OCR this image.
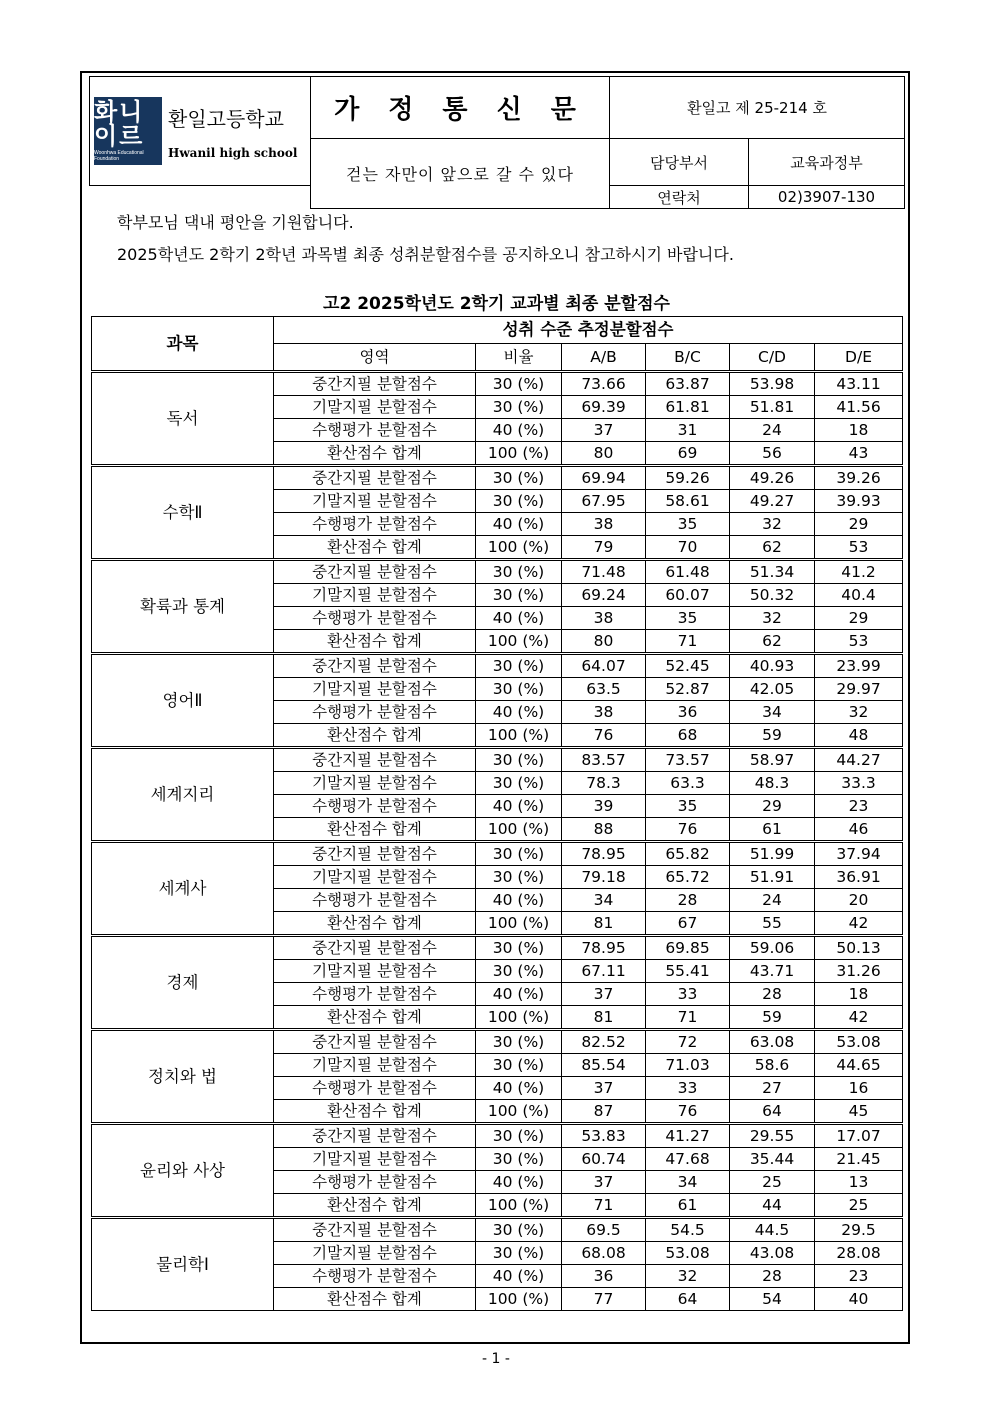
화니이르
Woonhwa Educational Foundation
환일고등학교
Hwanil high school	가 정 통 신 문	환일고 제 25-214 호	
	걷는 자만이 앞으로 갈 수 있다	담당부서	교육과정부
		연락처	02)3907-130
학부모님 댁내 평안을 기원합니다.
2025학년도 2학기 2학년 과목별 최종 성취분할점수를 공지하오니 참고하시기 바랍니다.
고2 2025학년도 2학기 교과별 최종 분할점수
과목	성취 수준 추정분할점수					
	영역	비율	A/B	B/C	C/D	D/E
독서	중간지필 분할점수	30 (%)	73.66	63.87	53.98	43.11
	기말지필 분할점수	30 (%)	69.39	61.81	51.81	41.56
	수행평가 분할점수	40 (%)	37	31	24	18
	환산점수 합계	100 (%)	80	69	56	43
수학Ⅱ	중간지필 분할점수	30 (%)	69.94	59.26	49.26	39.26
	기말지필 분할점수	30 (%)	67.95	58.61	49.27	39.93
	수행평가 분할점수	40 (%)	38	35	32	29
	환산점수 합계	100 (%)	79	70	62	53
확륙과 통계	중간지필 분할점수	30 (%)	71.48	61.48	51.34	41.2
	기말지필 분할점수	30 (%)	69.24	60.07	50.32	40.4
	수행평가 분할점수	40 (%)	38	35	32	29
	환산점수 합계	100 (%)	80	71	62	53
영어Ⅱ	중간지필 분할점수	30 (%)	64.07	52.45	40.93	23.99
	기말지필 분할점수	30 (%)	63.5	52.87	42.05	29.97
	수행평가 분할점수	40 (%)	38	36	34	32
	환산점수 합계	100 (%)	76	68	59	48
세계지리	중간지필 분할점수	30 (%)	83.57	73.57	58.97	44.27
	기말지필 분할점수	30 (%)	78.3	63.3	48.3	33.3
	수행평가 분할점수	40 (%)	39	35	29	23
	환산점수 합계	100 (%)	88	76	61	46
세계사	중간지필 분할점수	30 (%)	78.95	65.82	51.99	37.94
	기말지필 분할점수	30 (%)	79.18	65.72	51.91	36.91
	수행평가 분할점수	40 (%)	34	28	24	20
	환산점수 합계	100 (%)	81	67	55	42
경제	중간지필 분할점수	30 (%)	78.95	69.85	59.06	50.13
	기말지필 분할점수	30 (%)	67.11	55.41	43.71	31.26
	수행평가 분할점수	40 (%)	37	33	28	18
	환산점수 합계	100 (%)	81	71	59	42
정치와 법	중간지필 분할점수	30 (%)	82.52	72	63.08	53.08
	기말지필 분할점수	30 (%)	85.54	71.03	58.6	44.65
	수행평가 분할점수	40 (%)	37	33	27	16
	환산점수 합계	100 (%)	87	76	64	45
윤리와 사상	중간지필 분할점수	30 (%)	53.83	41.27	29.55	17.07
	기말지필 분할점수	30 (%)	60.74	47.68	35.44	21.45
	수행평가 분할점수	40 (%)	37	34	25	13
	환산점수 합계	100 (%)	71	61	44	25
물리학Ⅰ	중간지필 분할점수	30 (%)	69.5	54.5	44.5	29.5
	기말지필 분할점수	30 (%)	68.08	53.08	43.08	28.08
	수행평가 분할점수	40 (%)	36	32	28	23
	환산점수 합계	100 (%)	77	64	54	40
- 1 -
